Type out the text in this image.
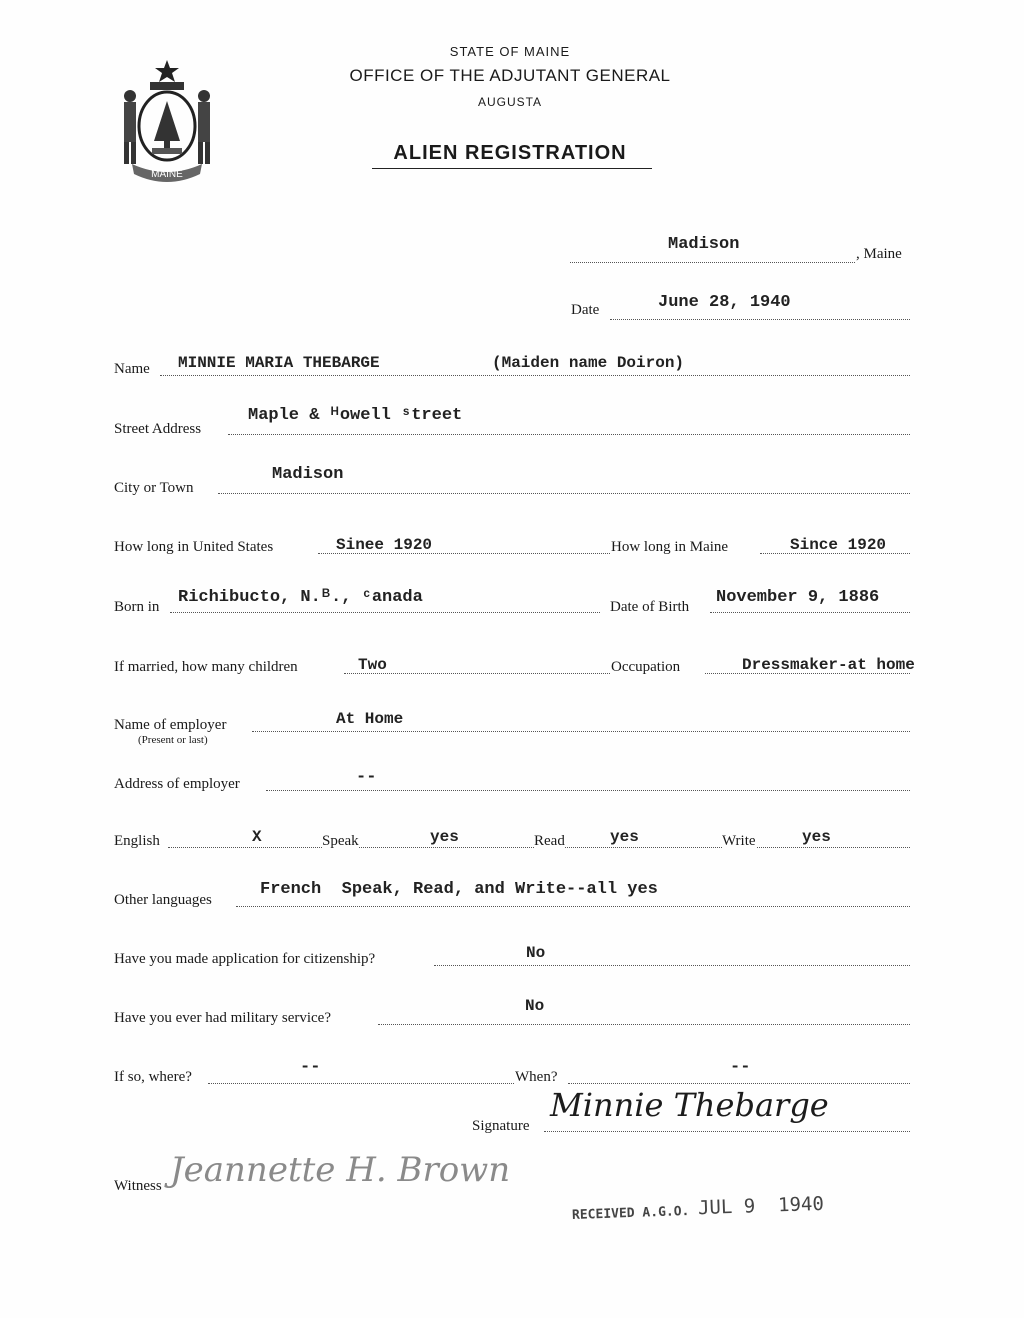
MAINE
STATE OF MAINE
OFFICE OF THE ADJUTANT GENERAL
AUGUSTA
ALIEN REGISTRATION
Madison	, Maine
Date	June 28, 1940
Name MINNIE MARIA THEBARGE	(Maiden name Doiron)
Street Address
Maple & ᴴowell ˢtreet
City or Town
Madison
How long in United States	Sinee 1920	How long in Maine	Since 1920
Born in Richibucto, N.ᴮ., ᶜanada	Date of Birth November 9, 1886
If married, how many children	Two	Occupation	Dressmaker-at home
Name of employer
(Present or last)
At Home
Address of employer	--
English	X	Speak	yes	Read	yes	Write	yes
Other languages
French  Speak, Read, and Write--all yes
Have you made application for citizenship?	No
Have you ever had military service?
No
If so, where?	--	When?	--
Signature
Minnie Thebarge
Witness Jeannette H. Brown
RECEIVED A.G.O. JUL 9  1940
